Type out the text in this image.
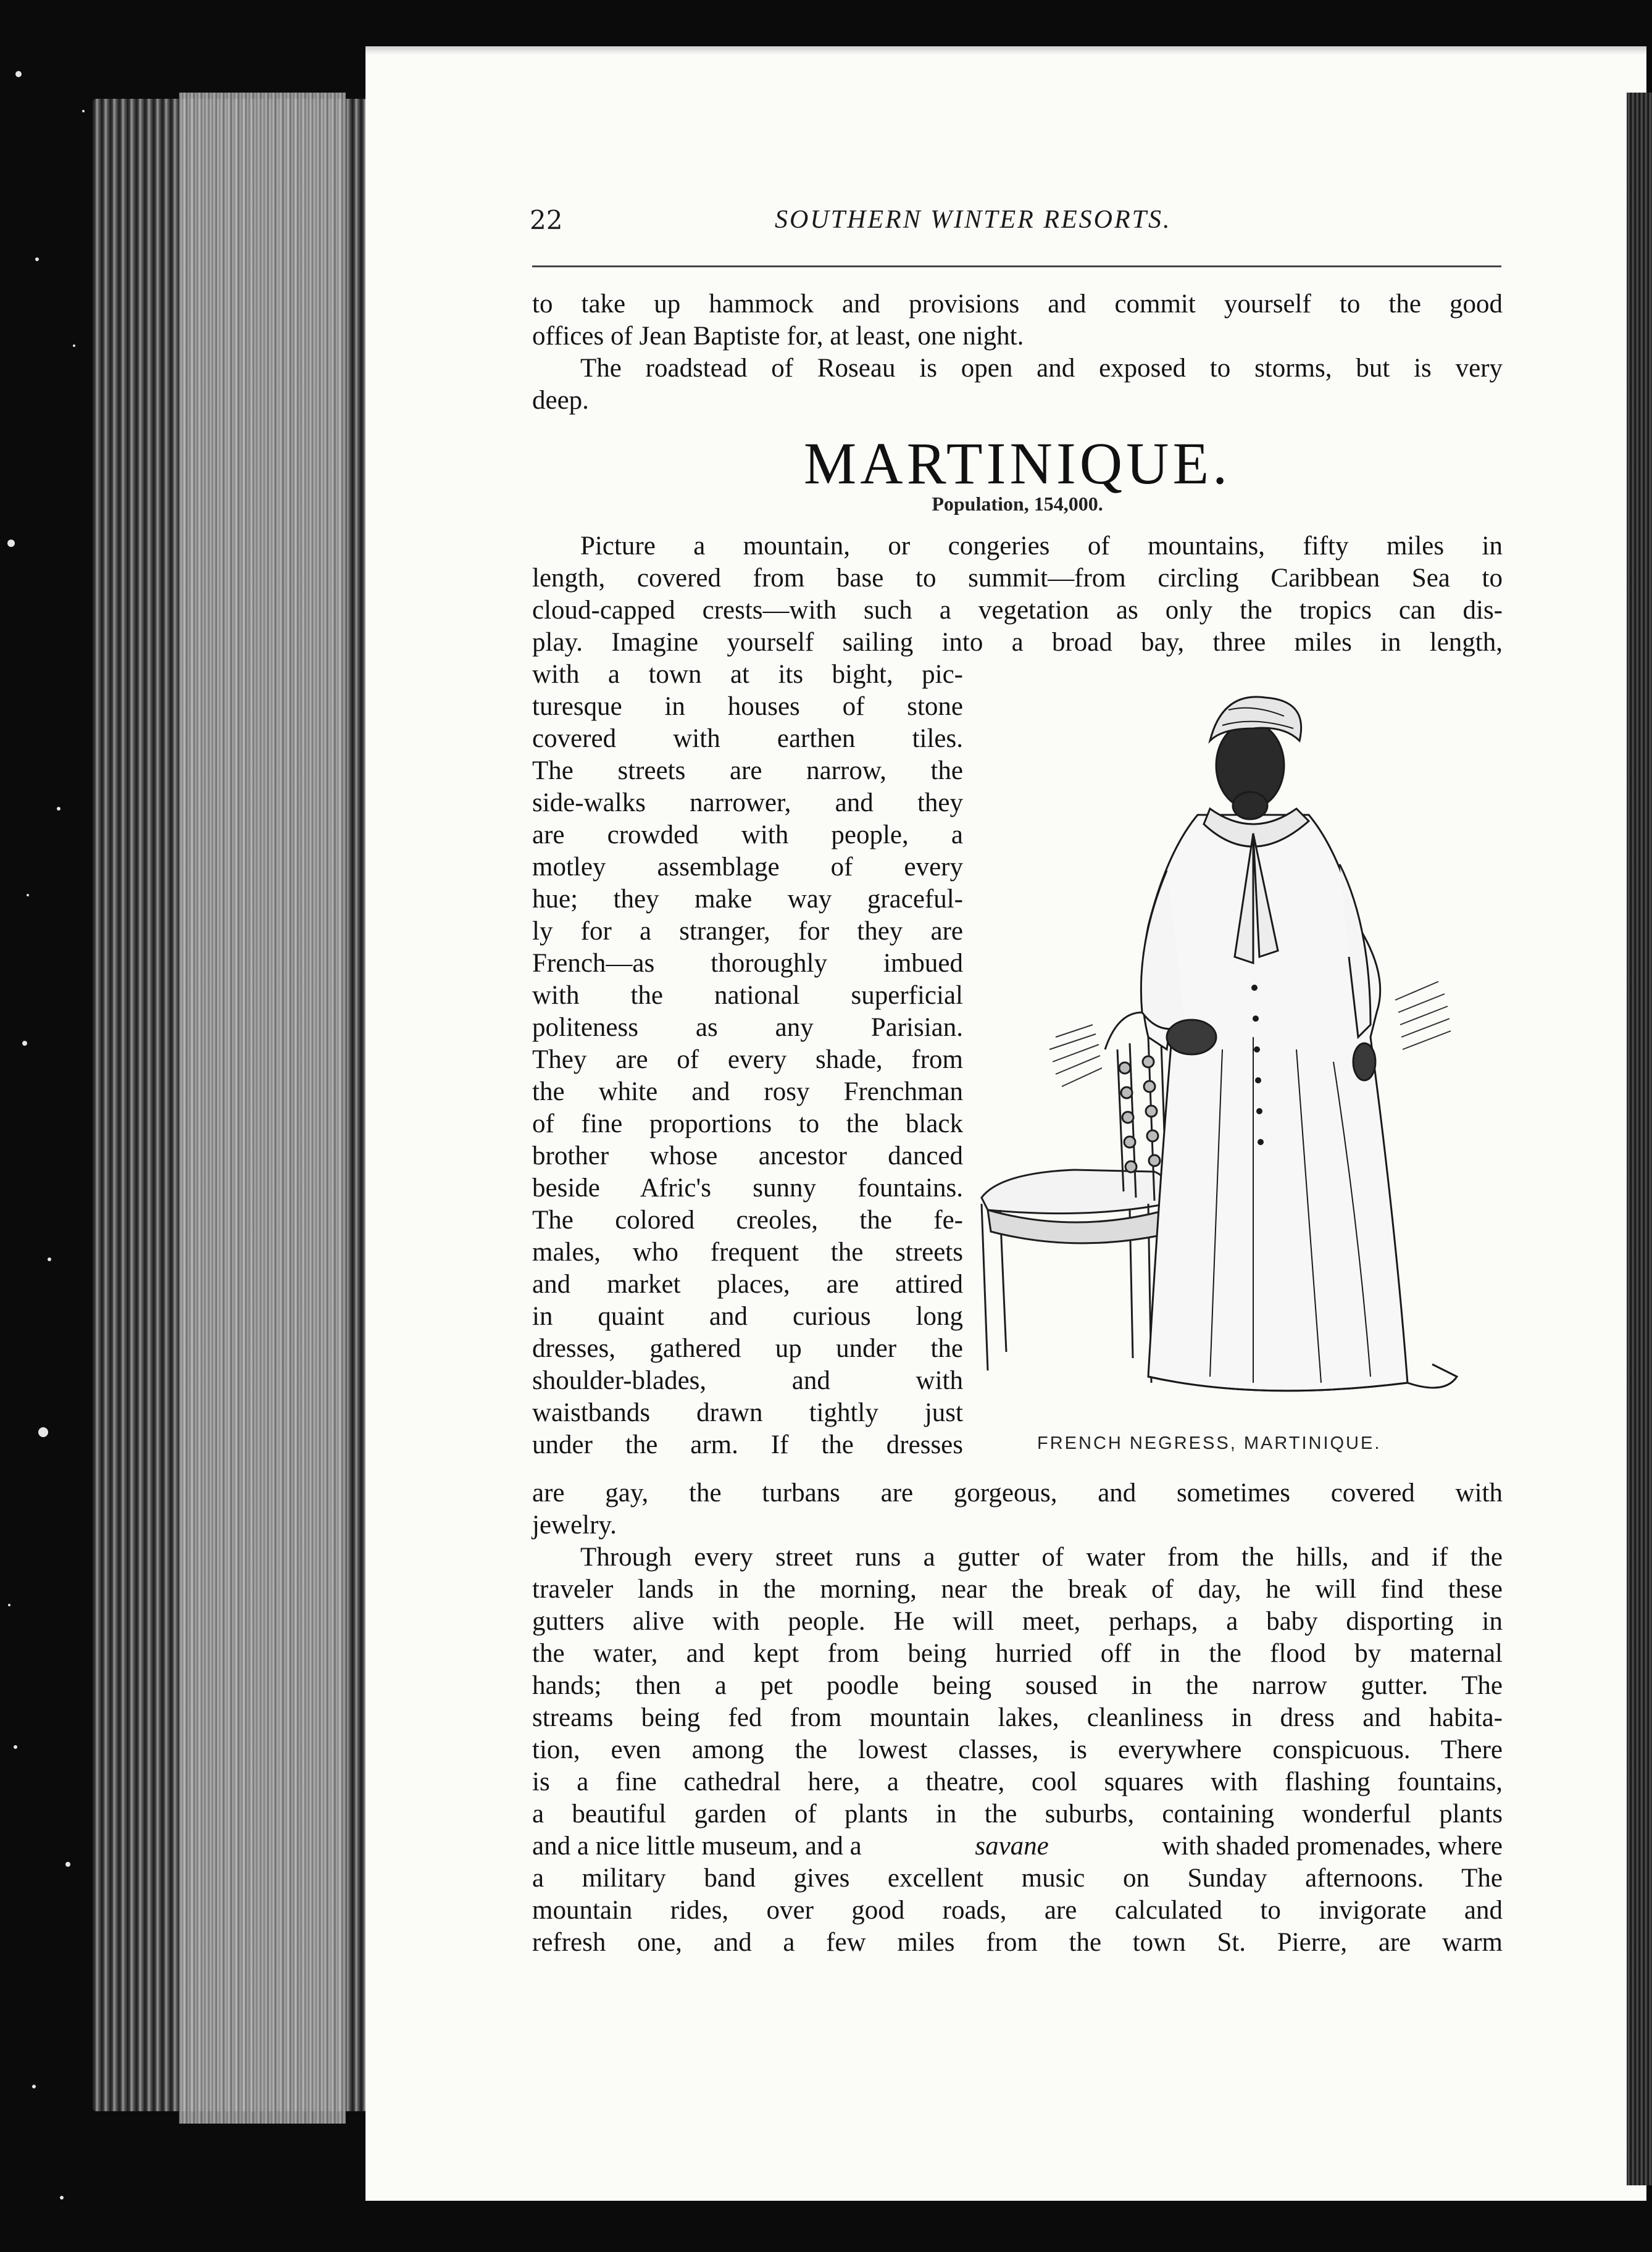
22	SOUTHERN WINTER RESORTS.
to take up hammock and provisions and commit yourself to the good
offices of Jean Baptiste for, at least, one night.
The roadstead of Roseau is open and exposed to storms, but is very
deep.
MARTINIQUE.
Population, 154,000.
Picture a mountain, or congeries of mountains, fifty miles in
length, covered from base to summit—from circling Caribbean Sea to
cloud-capped crests—with such a vegetation as only the tropics can dis-
play. Imagine yourself sailing into a broad bay, three miles in length,
with a town at its bight, pic-
turesque in houses of stone
covered with earthen tiles.
The streets are narrow, the
side-walks narrower, and they
are crowded with people, a
motley assemblage of every
hue; they make way graceful-
ly for a stranger, for they are
French—as thoroughly imbued
with the national superficial
politeness as any Parisian.
They are of every shade, from
the white and rosy Frenchman
of fine proportions to the black
brother whose ancestor danced
beside Afric's sunny fountains.
The colored creoles, the fe-
males, who frequent the streets
and market places, are attired
in quaint and curious long
dresses, gathered up under the
shoulder-blades, and with
waistbands drawn tightly just
under the arm. If the dresses
are gay, the turbans are gorgeous, and sometimes covered with
jewelry.
Through every street runs a gutter of water from the hills, and if the
traveler lands in the morning, near the break of day, he will find these
gutters alive with people. He will meet, perhaps, a baby disporting in
the water, and kept from being hurried off in the flood by maternal
hands; then a pet poodle being soused in the narrow gutter. The
streams being fed from mountain lakes, cleanliness in dress and habita-
tion, even among the lowest classes, is everywhere conspicuous. There
is a fine cathedral here, a theatre, cool squares with flashing fountains,
a beautiful garden of plants in the suburbs, containing wonderful plants
and a nice little museum, and a	savane	with shaded promenades, where
a military band gives excellent music on Sunday afternoons. The
mountain rides, over good roads, are calculated to invigorate and
refresh one, and a few miles from the town St. Pierre, are warm
FRENCH NEGRESS, MARTINIQUE.
